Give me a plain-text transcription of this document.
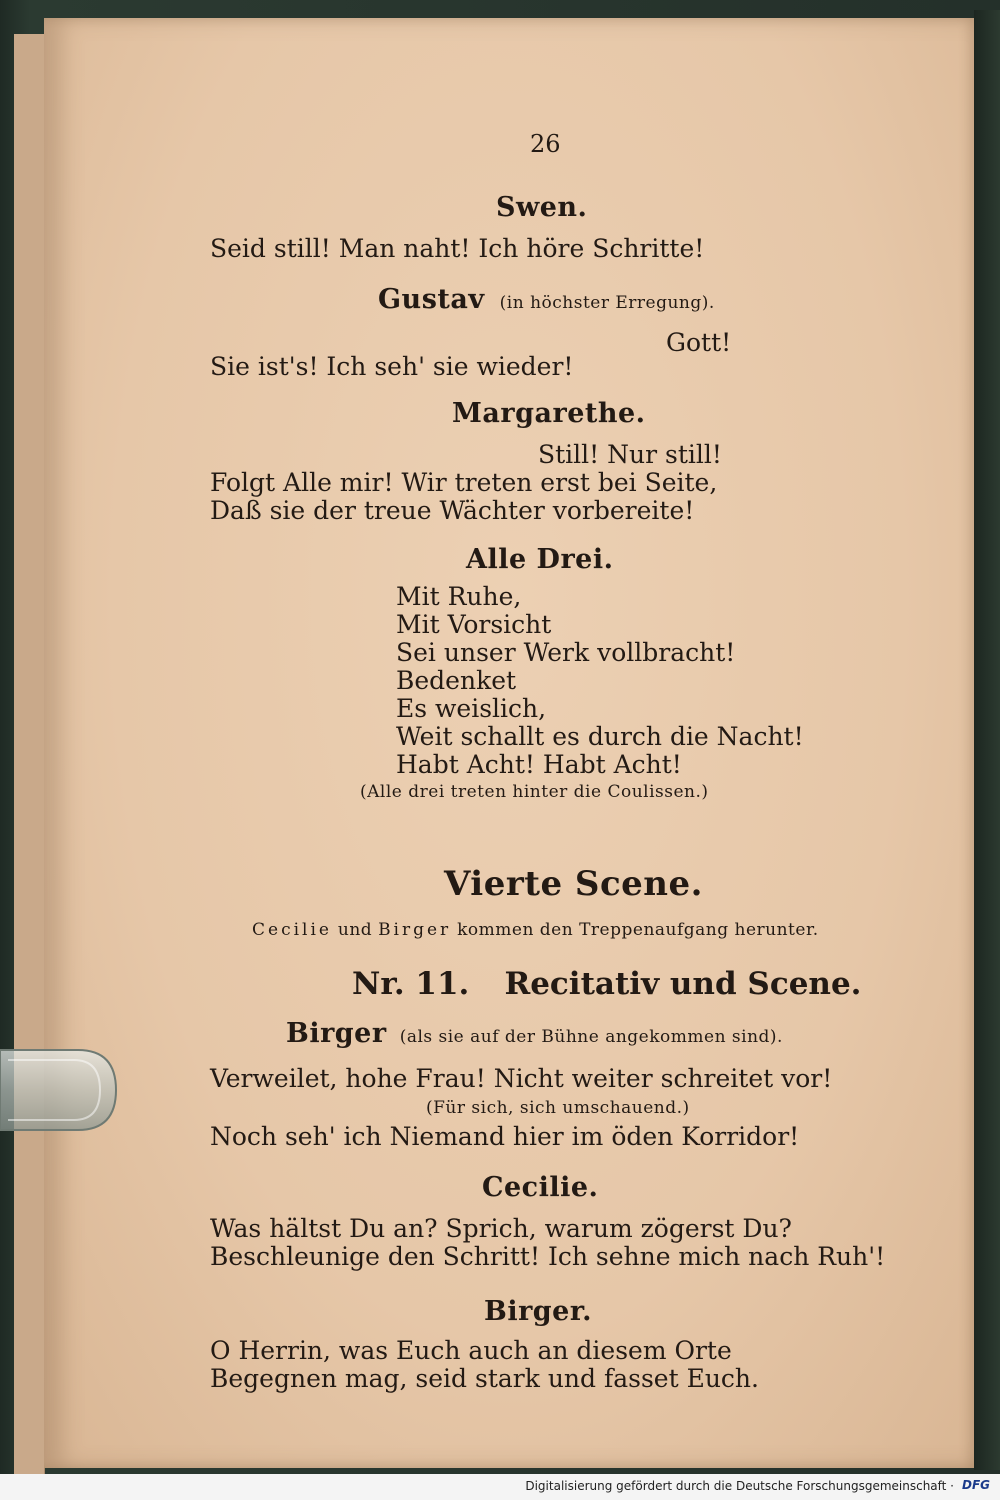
26
Swen.
Seid still! Man naht! Ich höre Schritte!
Gustav (in höchster Erregung).
Gott!
Sie ist's! Ich seh' sie wieder!
Margarethe.
Still! Nur still!
Folgt Alle mir! Wir treten erst bei Seite,
Daß sie der treue Wächter vorbereite!
Alle Drei.
Mit Ruhe,
Mit Vorsicht
Sei unser Werk vollbracht!
Bedenket
Es weislich,
Weit schallt es durch die Nacht!
Habt Acht! Habt Acht!
(Alle drei treten hinter die Coulissen.)
Vierte Scene.
Cecilie und Birger kommen den Treppenaufgang herunter.
Nr. 11. Recitativ und Scene.
Birger (als sie auf der Bühne angekommen sind).
Verweilet, hohe Frau! Nicht weiter schreitet vor!
(Für sich, sich umschauend.)
Noch seh' ich Niemand hier im öden Korridor!
Cecilie.
Was hältst Du an? Sprich, warum zögerst Du?
Beschleunige den Schritt! Ich sehne mich nach Ruh'!
Birger.
O Herrin, was Euch auch an diesem Orte
Begegnen mag, seid stark und fasset Euch.
Digitalisierung gefördert durch die Deutsche Forschungsgemeinschaft · DFG
